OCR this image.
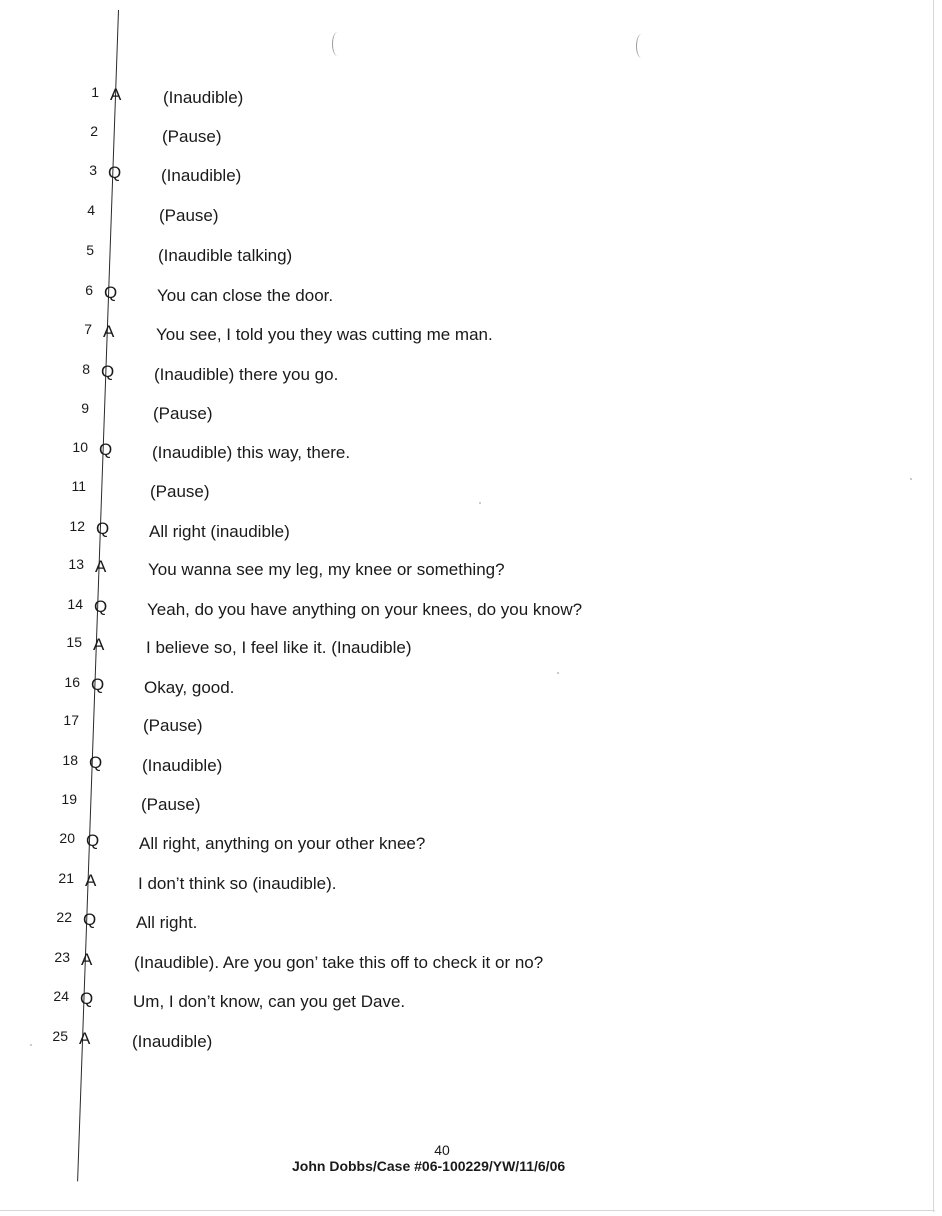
1 A (Inaudible)
2	(Pause)
3 Q (Inaudible)
4	(Pause)
5	(Inaudible talking)
6 Q You can close the door.
7 A You see, I told you they was cutting me man.
8 Q (Inaudible) there you go.
9	(Pause)
10 Q (Inaudible) this way, there.
11	(Pause)
12 Q All right (inaudible)
13 A You wanna see my leg, my knee or something?
14 Q Yeah, do you have anything on your knees, do you know?
15 A I believe so, I feel like it. (Inaudible)
16 Q Okay, good.
17	(Pause)
18 Q (Inaudible)
19	(Pause)
20 Q All right, anything on your other knee?
21 A I don’t think so (inaudible).
22 Q All right.
23 A (Inaudible). Are you gon’ take this off to check it or no?
24 Q Um, I don’t know, can you get Dave.
25 A (Inaudible)
40
John Dobbs/Case #06-100229/YW/11/6/06
